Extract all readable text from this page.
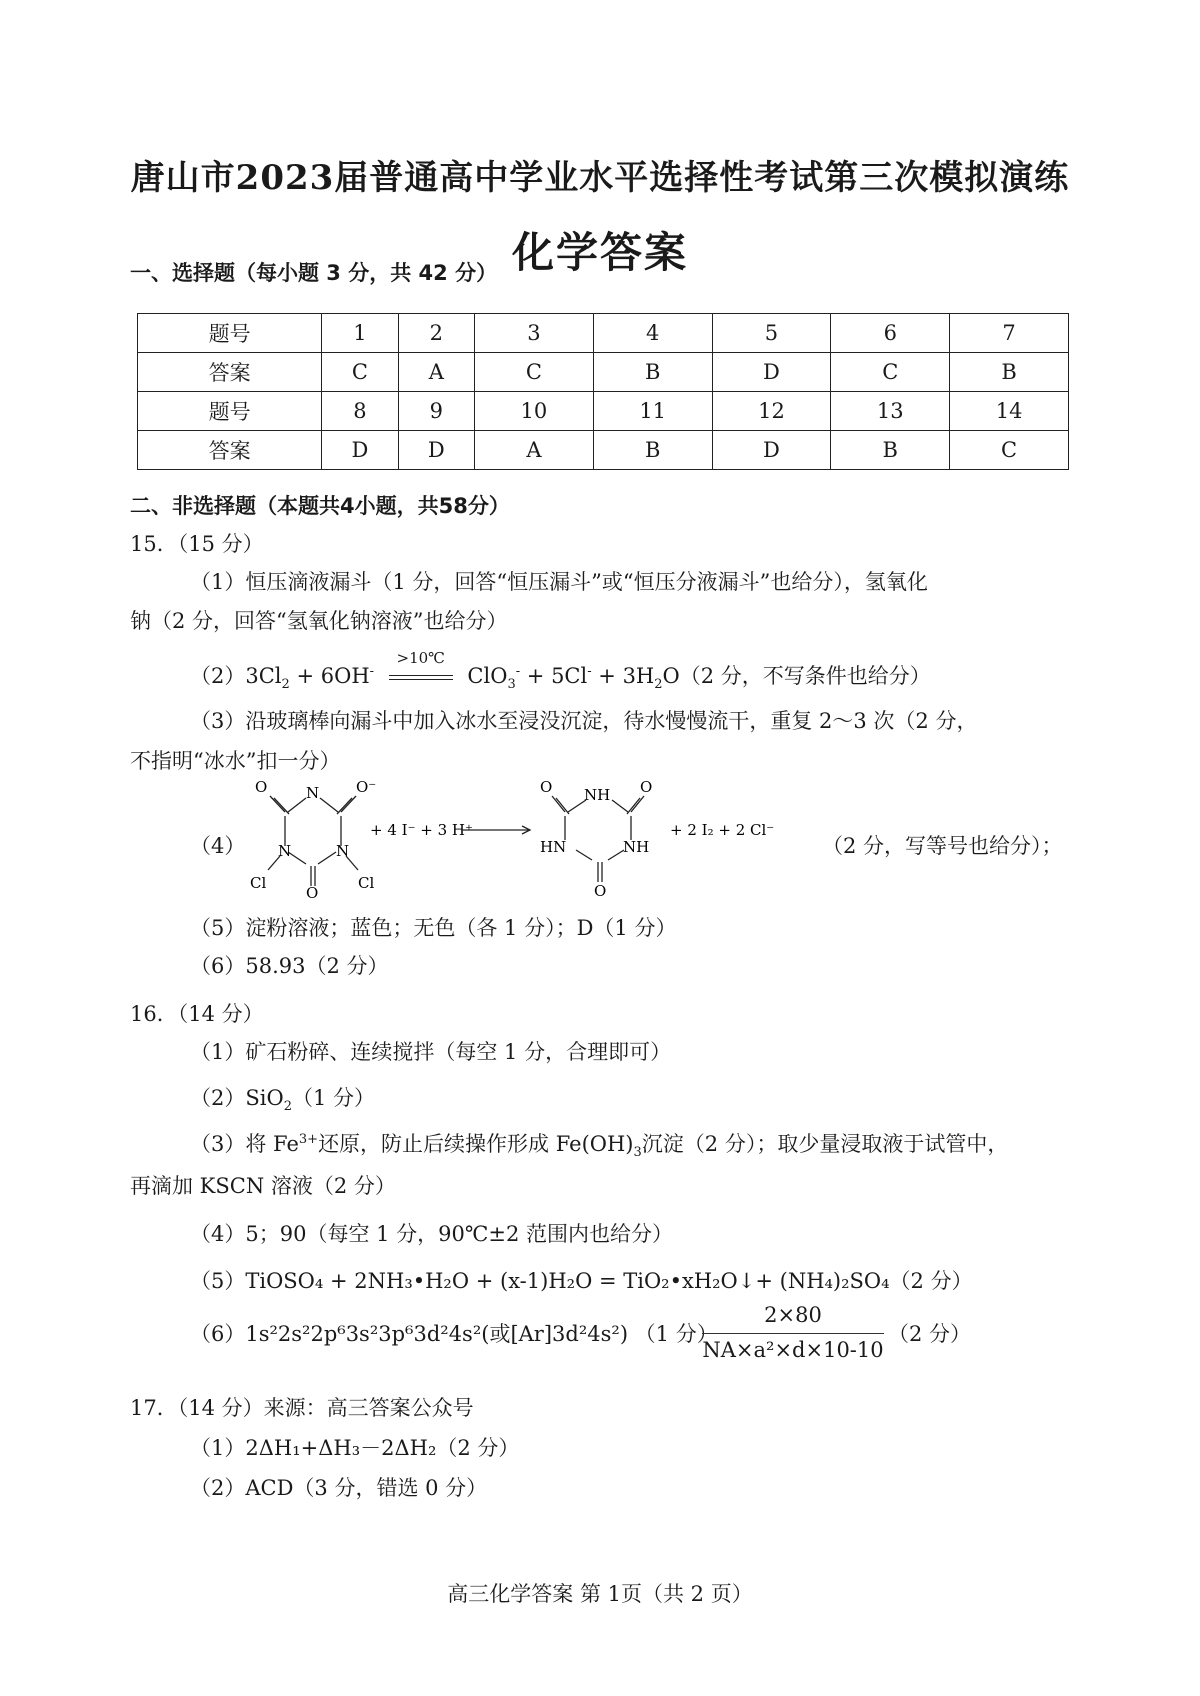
唐山市2023届普通高中学业水平选择性考试第三次模拟演练
化学答案
一、选择题（每小题 3 分，共 42 分）
题号	1	2	3	4	5	6	7
答案	C	A	C	B	D	C	B
题号	8	9	10	11	12	13	14
答案	D	D	A	B	D	B	C
二、非选择题（本题共4小题，共58分）
15．（15 分）
（1）恒压滴液漏斗（1 分，回答“恒压漏斗”或“恒压分液漏斗”也给分），氢氧化
钠（2 分，回答“氢氧化钠溶液”也给分）
$(2)3Cl_2 + 6OH^-$
>10℃
$ClO_3^- + 5Cl^- + 3H_2O(2$ 分，不写条件也给分）
（3）沿玻璃棒向漏斗中加入冰水至浸没沉淀，待水慢慢流干，重复 2～3 次（2 分，
不指明“冰水”扣一分）
（4）
O	N O⁻
N	N
Cl	Cl
O
+ 4 I⁻ + 3 H⁺
O NH O
HN	NH
O
+ 2 I₂ + 2 Cl⁻
（2 分，写等号也给分）；
（5）淀粉溶液；蓝色；无色（各 1 分）；D（1 分）
（6）58.93（2 分）
16．（14 分）
（1）矿石粉碎、连续搅拌（每空 1 分，合理即可）
（2）SiO$_2$（1 分）
（3）将 $Fe^{3+}$还原，防止后续操作形成 $Fe(OH)_3$沉淀（2 分）；取少量浸取液于试管中，
再滴加 KSCN 溶液（2 分）
（4）5；90（每空 1 分，90℃±2 范围内也给分）
（5）TiOSO₄ + 2NH₃•H₂O + (x-1)H₂O = TiO₂•xH₂O↓+ (NH₄)₂SO₄（2 分）
（6）1s²2s²2p⁶3s²3p⁶3d²4s²(或[Ar]3d²4s²) （1 分）
2×80
NA×a²×d×10-10
（2 分）
17．（14 分）来源：高三答案公众号
（1）2ΔH₁+ΔH₃－2ΔH₂（2 分）
（2）ACD（3 分，错选 0 分）
高三化学答案 第 1页（共 2 页）
